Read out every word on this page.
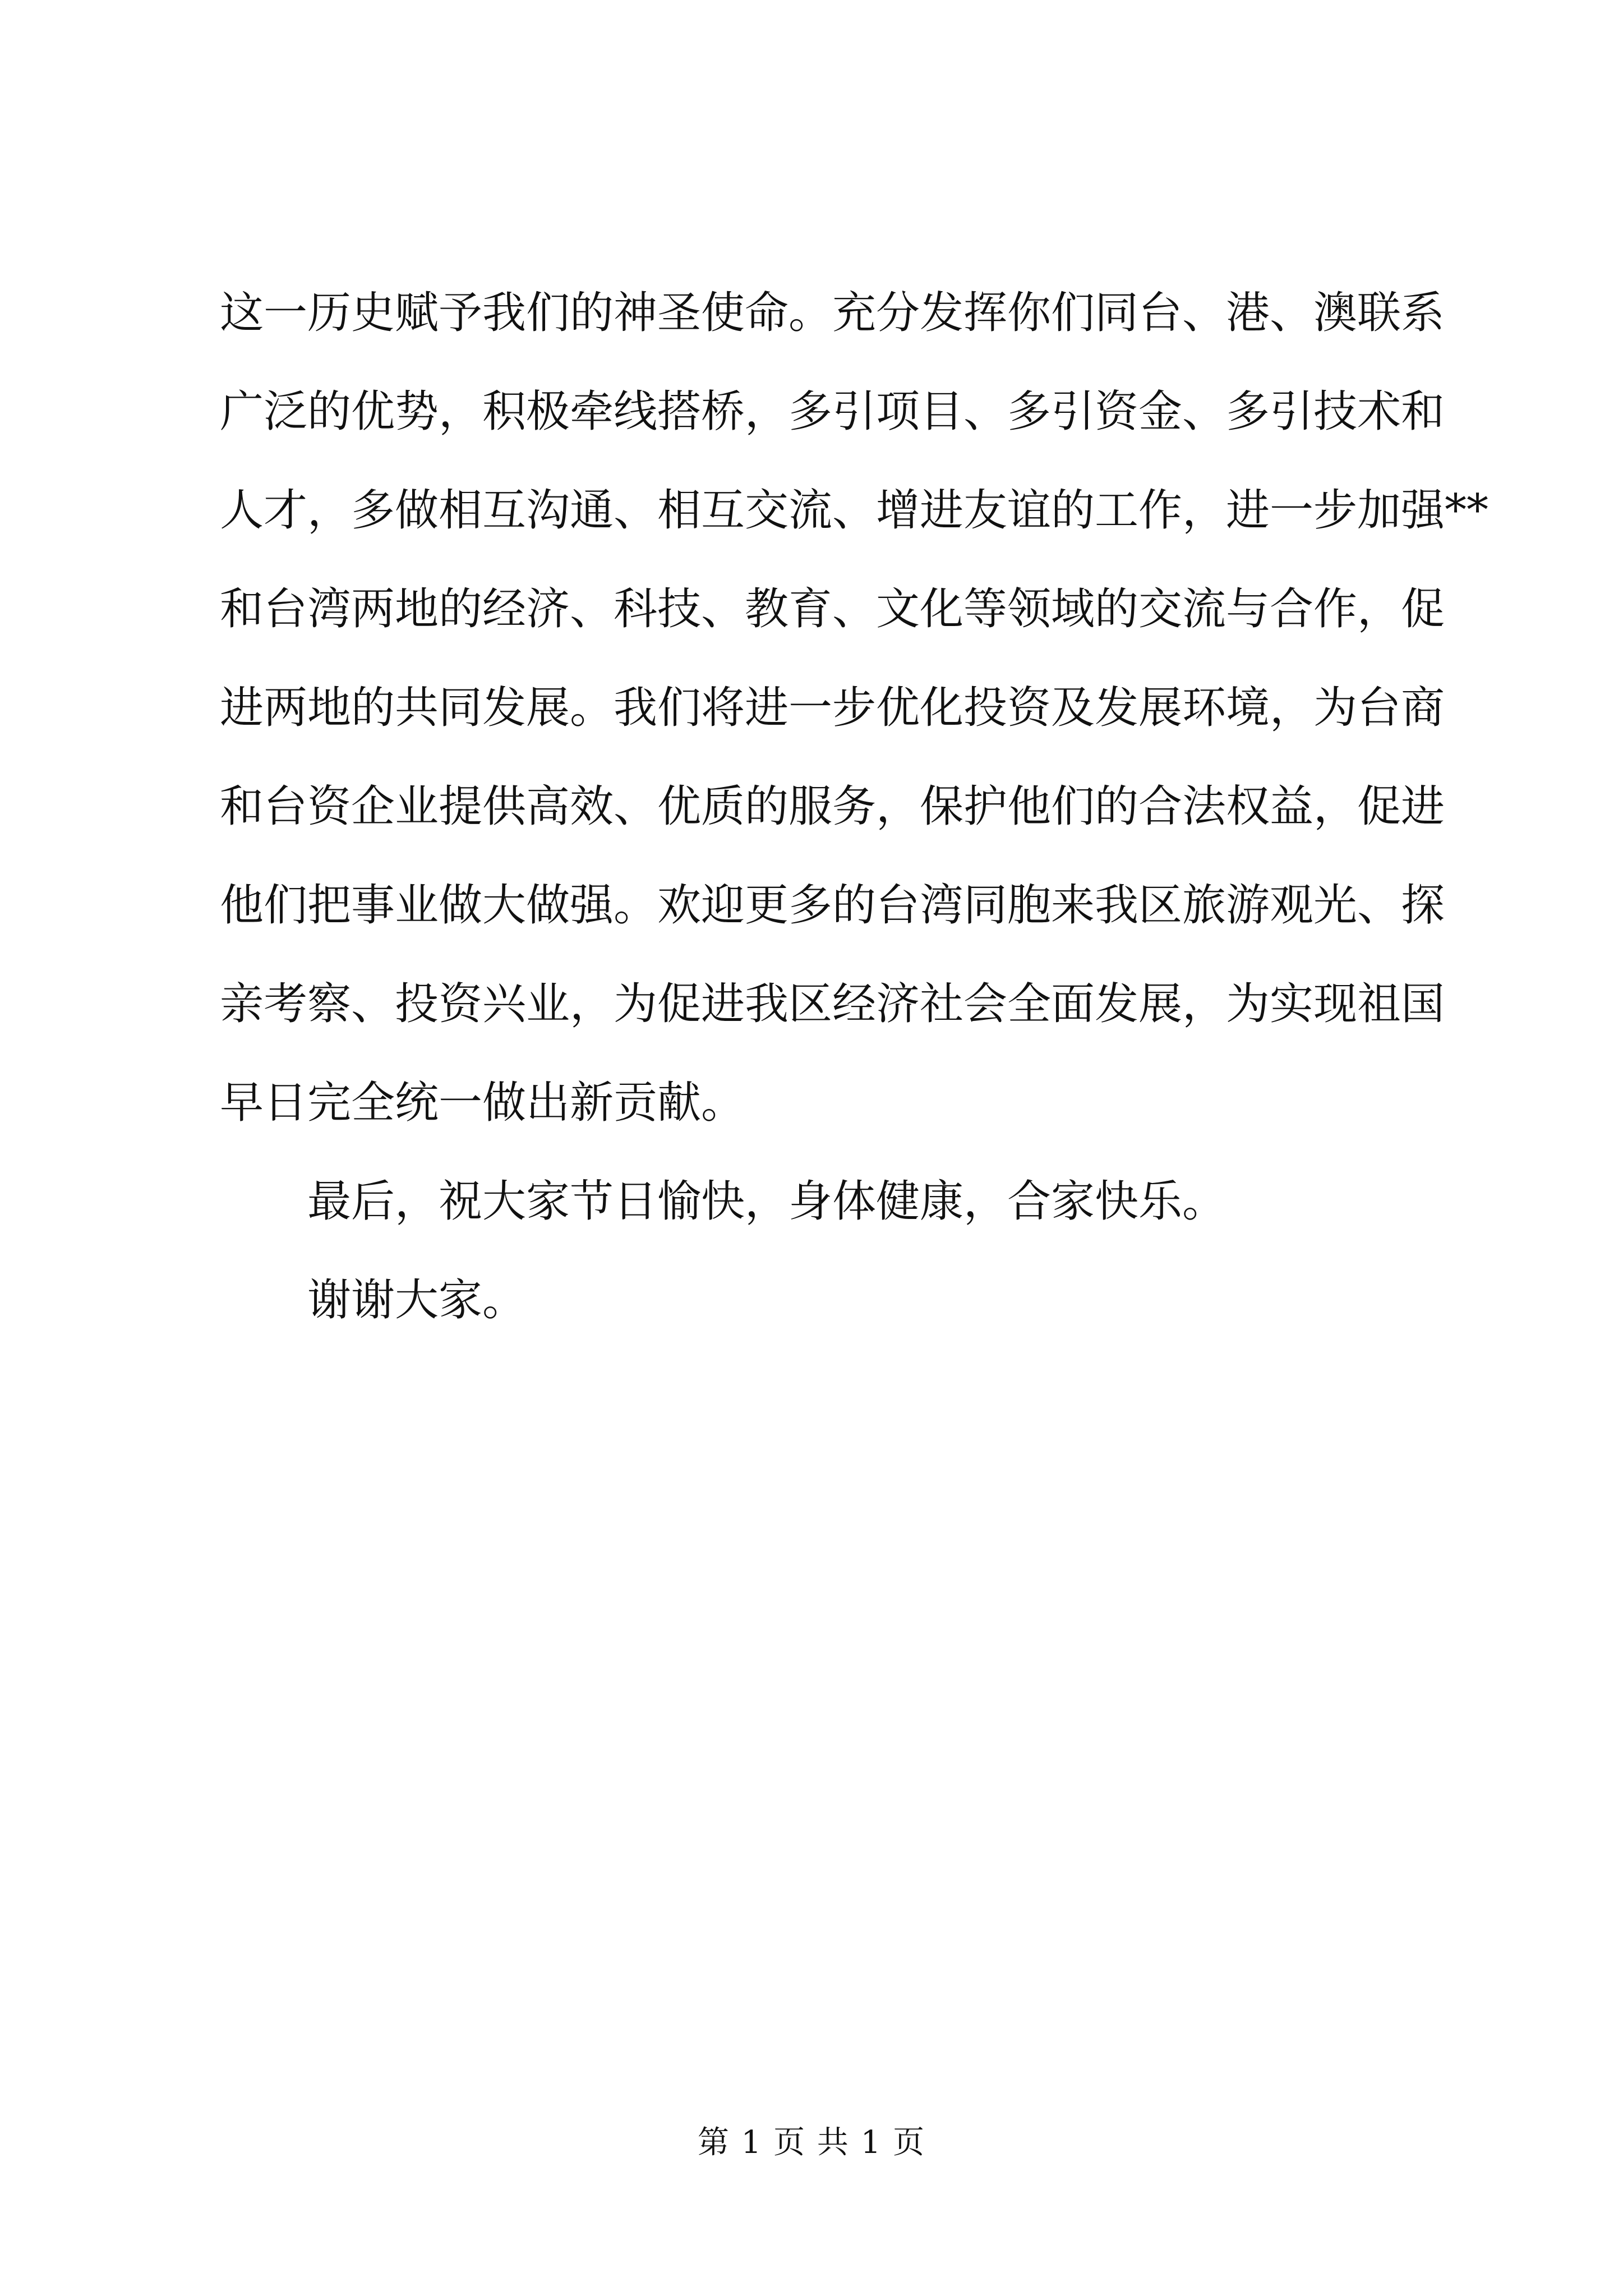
这一历史赋予我们的神圣使命。充分发挥你们同台、港、澳联系
广泛的优势，积极牵线搭桥，多引项目、多引资金、多引技术和
人才，多做相互沟通、相互交流、增进友谊的工作，进一步加强**
和台湾两地的经济、科技、教育、文化等领域的交流与合作，促
进两地的共同发展。我们将进一步优化投资及发展环境，为台商
和台资企业提供高效、优质的服务，保护他们的合法权益，促进
他们把事业做大做强。欢迎更多的台湾同胞来我区旅游观光、探
亲考察、投资兴业，为促进我区经济社会全面发展，为实现祖国
早日完全统一做出新贡献。
最后，祝大家节日愉快，身体健康，合家快乐。
谢谢大家。
第 1 页 共 1 页
